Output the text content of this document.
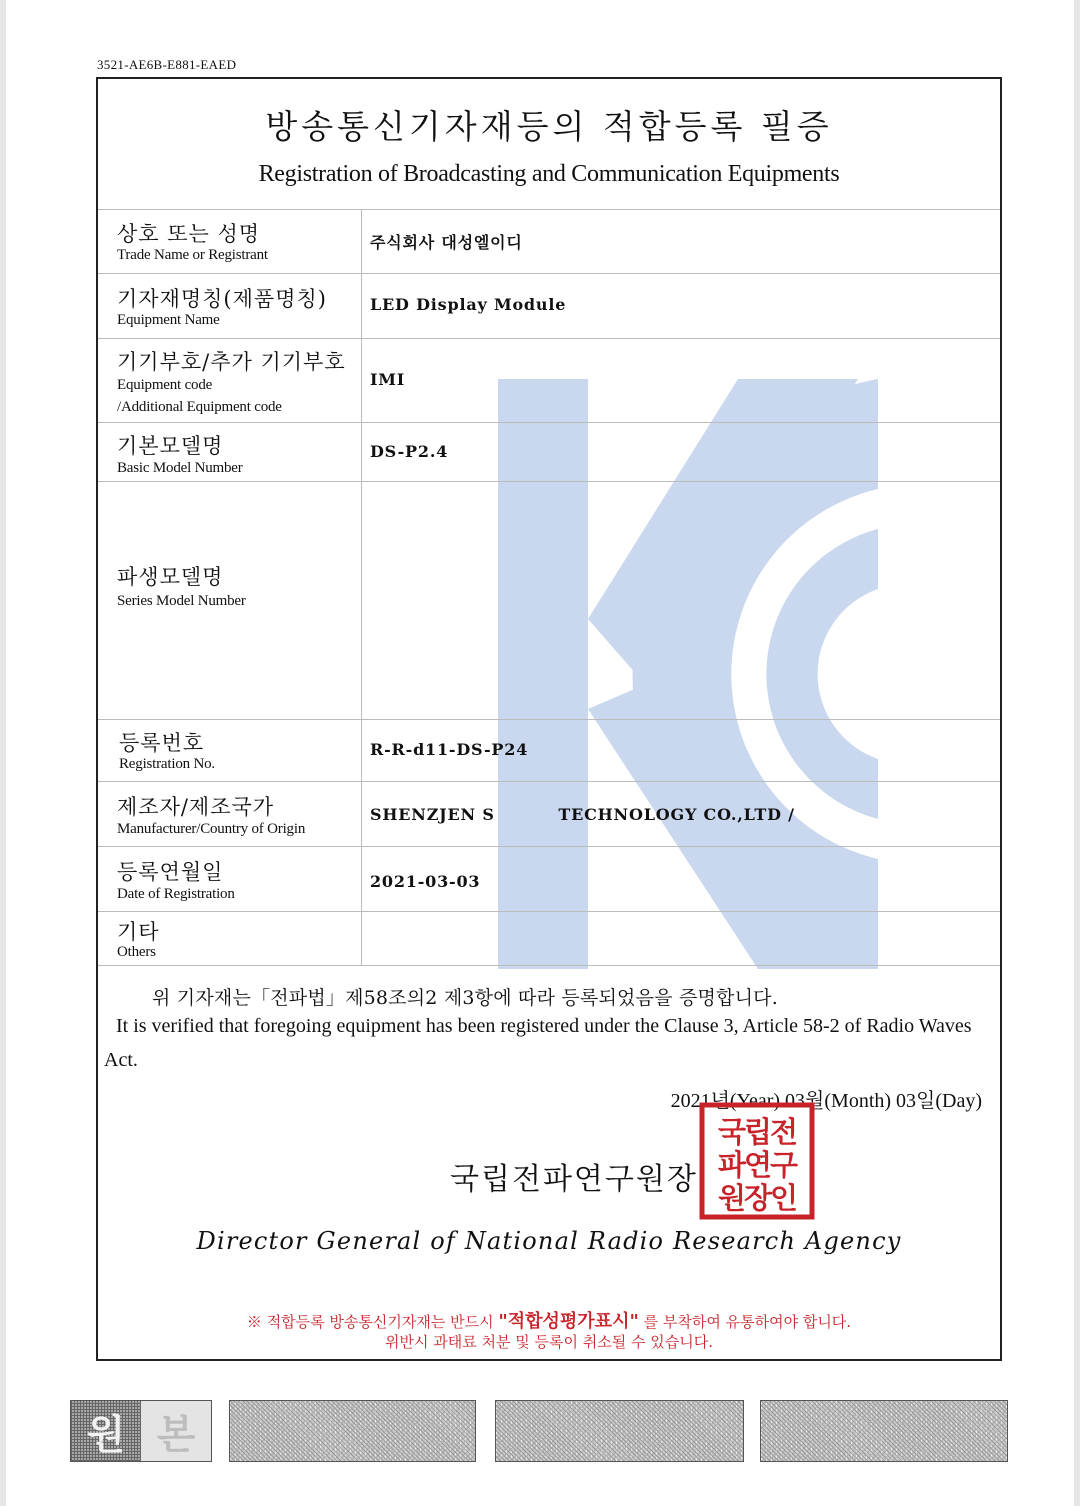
3521-AE6B-E881-EAED
방송통신기자재등의 적합등록 필증
Registration of Broadcasting and Communication Equipments
상호 또는 성명
Trade Name or Registrant
주식회사 대성엘이디
기자재명칭(제품명칭)
Equipment Name
LED Display Module
기기부호/추가 기기부호
Equipment code
/Additional Equipment code
IMI
기본모델명
Basic Model Number
DS-P2.4
파생모델명
Series Model Number
등록번호
Registration No.
R-R-d11-DS-P24
제조자/제조국가
Manufacturer/Country of Origin
SHENZJEN S          TECHNOLOGY CO.,LTD /
등록연월일
Date of Registration
2021-03-03
기타
Others
위 기자재는「전파법」제58조의2 제3항에 따라 등록되었음을 증명합니다.
It is verified that foregoing equipment has been registered under the Clause 3, Article 58-2 of Radio Waves Act.
2021년(Year) 03월(Month) 03일(Day)
국립전파연구원장
국립전
파연구
원장인
Director General of National Radio Research Agency
※ 적합등록 방송통신기자재는 반드시 "적합성평가표시" 를 부착하여 유통하여야 합니다.
위반시 과태료 처분 및 등록이 취소될 수 있습니다.
원 본
